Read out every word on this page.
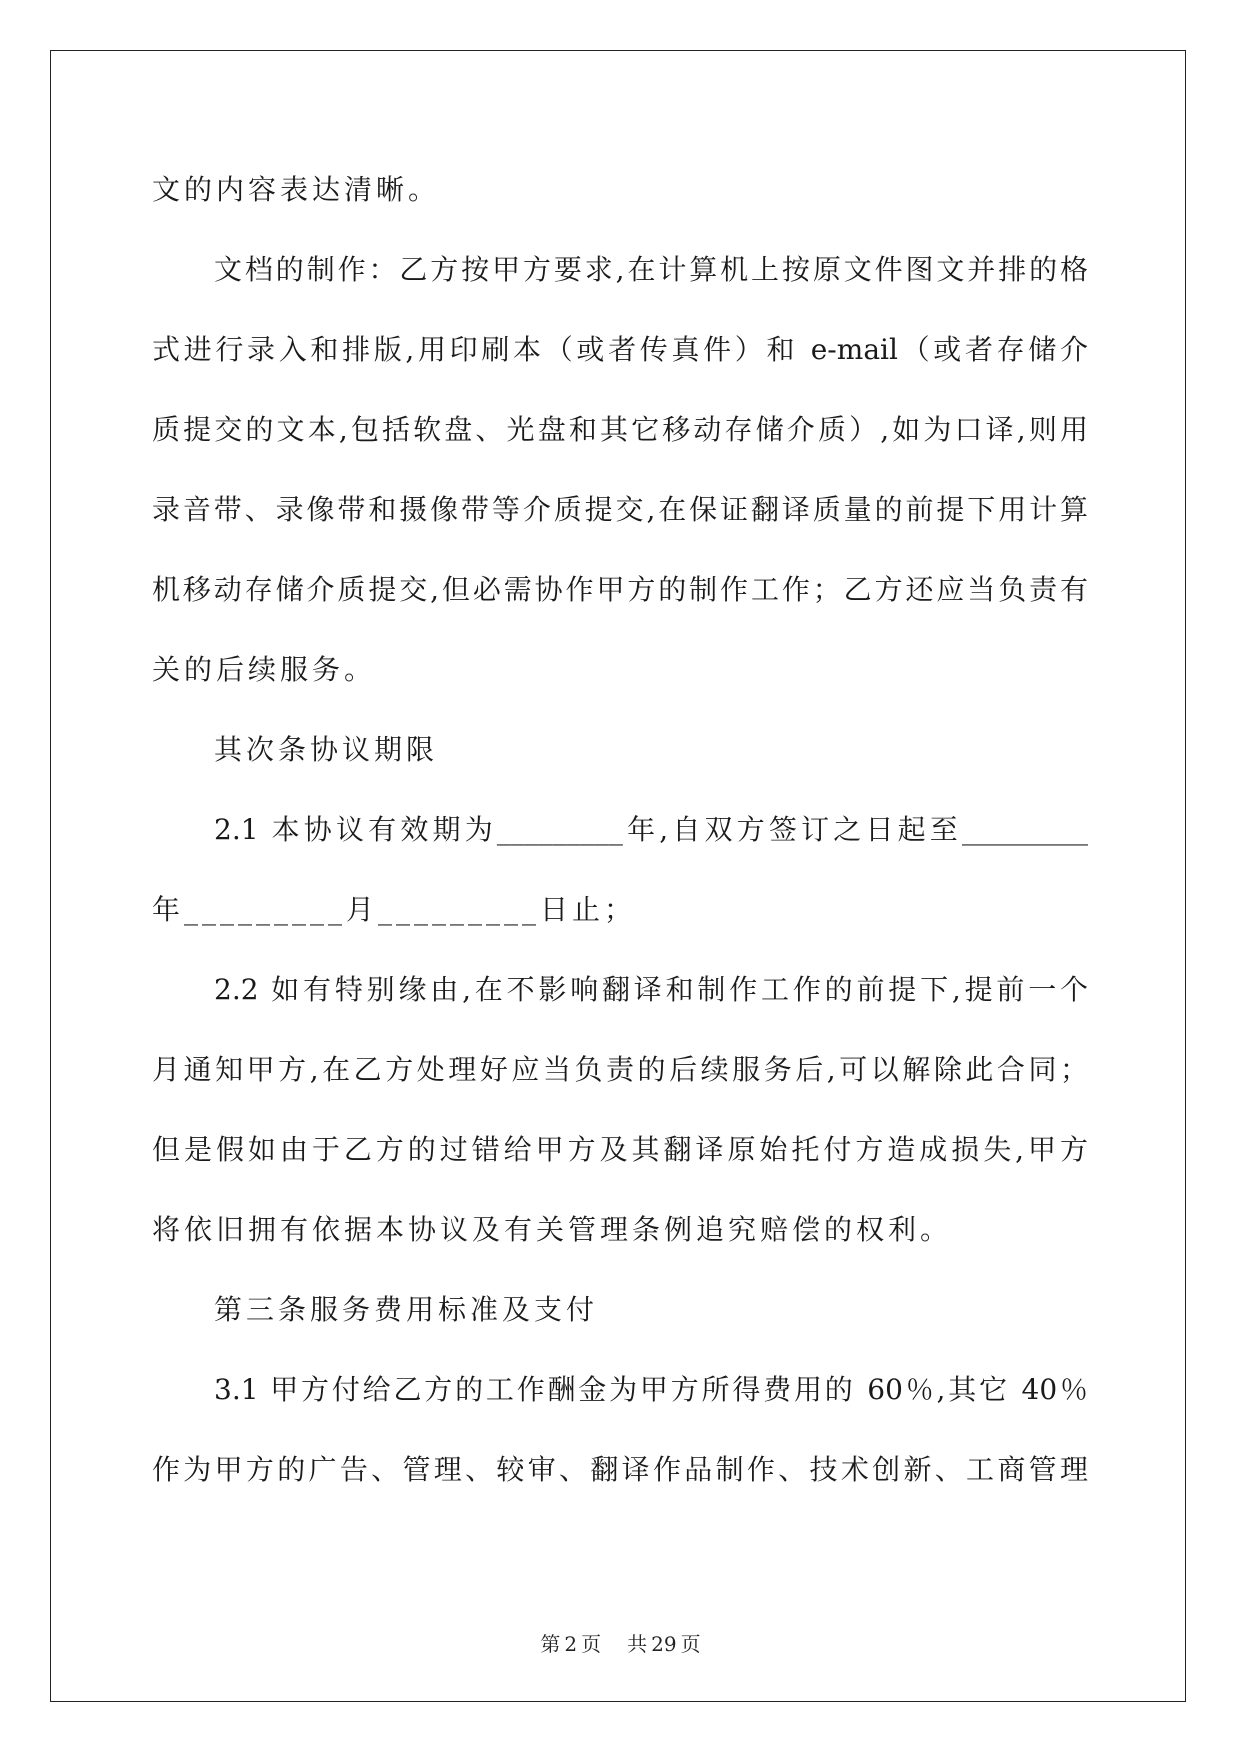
文的内容表达清晰。
文档的制作：乙方按甲方要求,在计算机上按原文件图文并排的格
式进行录入和排版,用印刷本（或者传真件）和 e-mail（或者存储介
质提交的文本,包括软盘、光盘和其它移动存储介质）,如为口译,则用
录音带、录像带和摄像带等介质提交,在保证翻译质量的前提下用计算
机移动存储介质提交,但必需协作甲方的制作工作；乙方还应当负责有
关的后续服务。
其次条协议期限
2.1 本协议有效期为_________年,自双方签订之日起至_________
年_________月_________日止；
2.2 如有特别缘由,在不影响翻译和制作工作的前提下,提前一个
月通知甲方,在乙方处理好应当负责的后续服务后,可以解除此合同；
但是假如由于乙方的过错给甲方及其翻译原始托付方造成损失,甲方
将依旧拥有依据本协议及有关管理条例追究赔偿的权利。
第三条服务费用标准及支付
3.1 甲方付给乙方的工作酬金为甲方所得费用的 60％,其它 40％
作为甲方的广告、管理、较审、翻译作品制作、技术创新、工商管理
第 2 页 共 29 页
